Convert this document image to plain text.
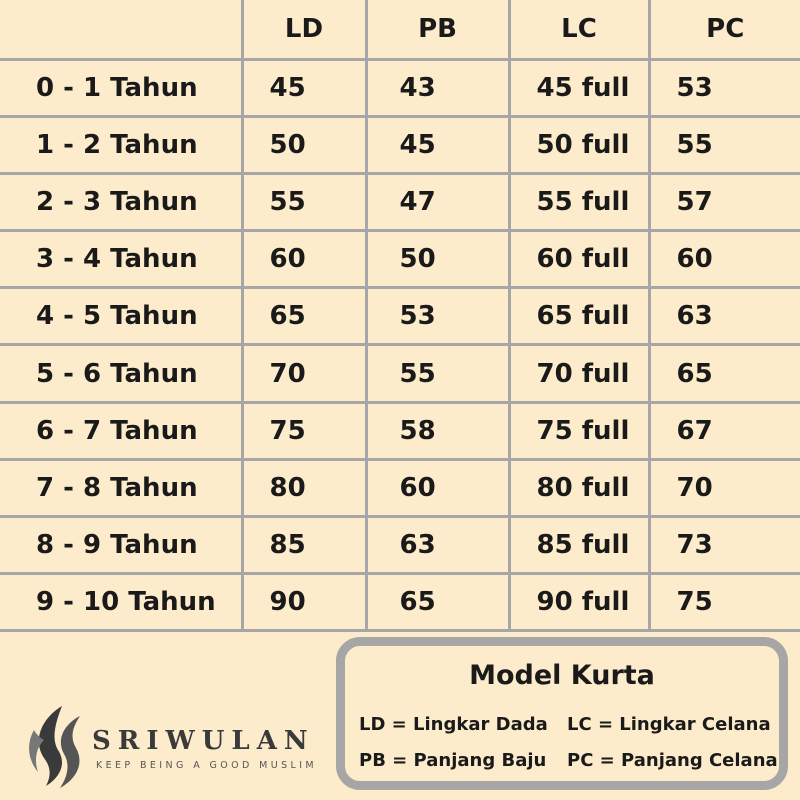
	LD	PB	LC	PC
0 - 1 Tahun	45	43	45 full	53
1 - 2 Tahun	50	45	50 full	55
2 - 3 Tahun	55	47	55 full	57
3 - 4 Tahun	60	50	60 full	60
4 - 5 Tahun	65	53	65 full	63
5 - 6 Tahun	70	55	70 full	65
6 - 7 Tahun	75	58	75 full	67
7 - 8 Tahun	80	60	80 full	70
8 - 9 Tahun	85	63	85 full	73
9 - 10 Tahun	90	65	90 full	75
SRIWULAN
KEEP BEING A GOOD MUSLIM
Model Kurta
LD = Lingkar Dada LC = Lingkar Celana
PB = Panjang Baju PC = Panjang Celana
